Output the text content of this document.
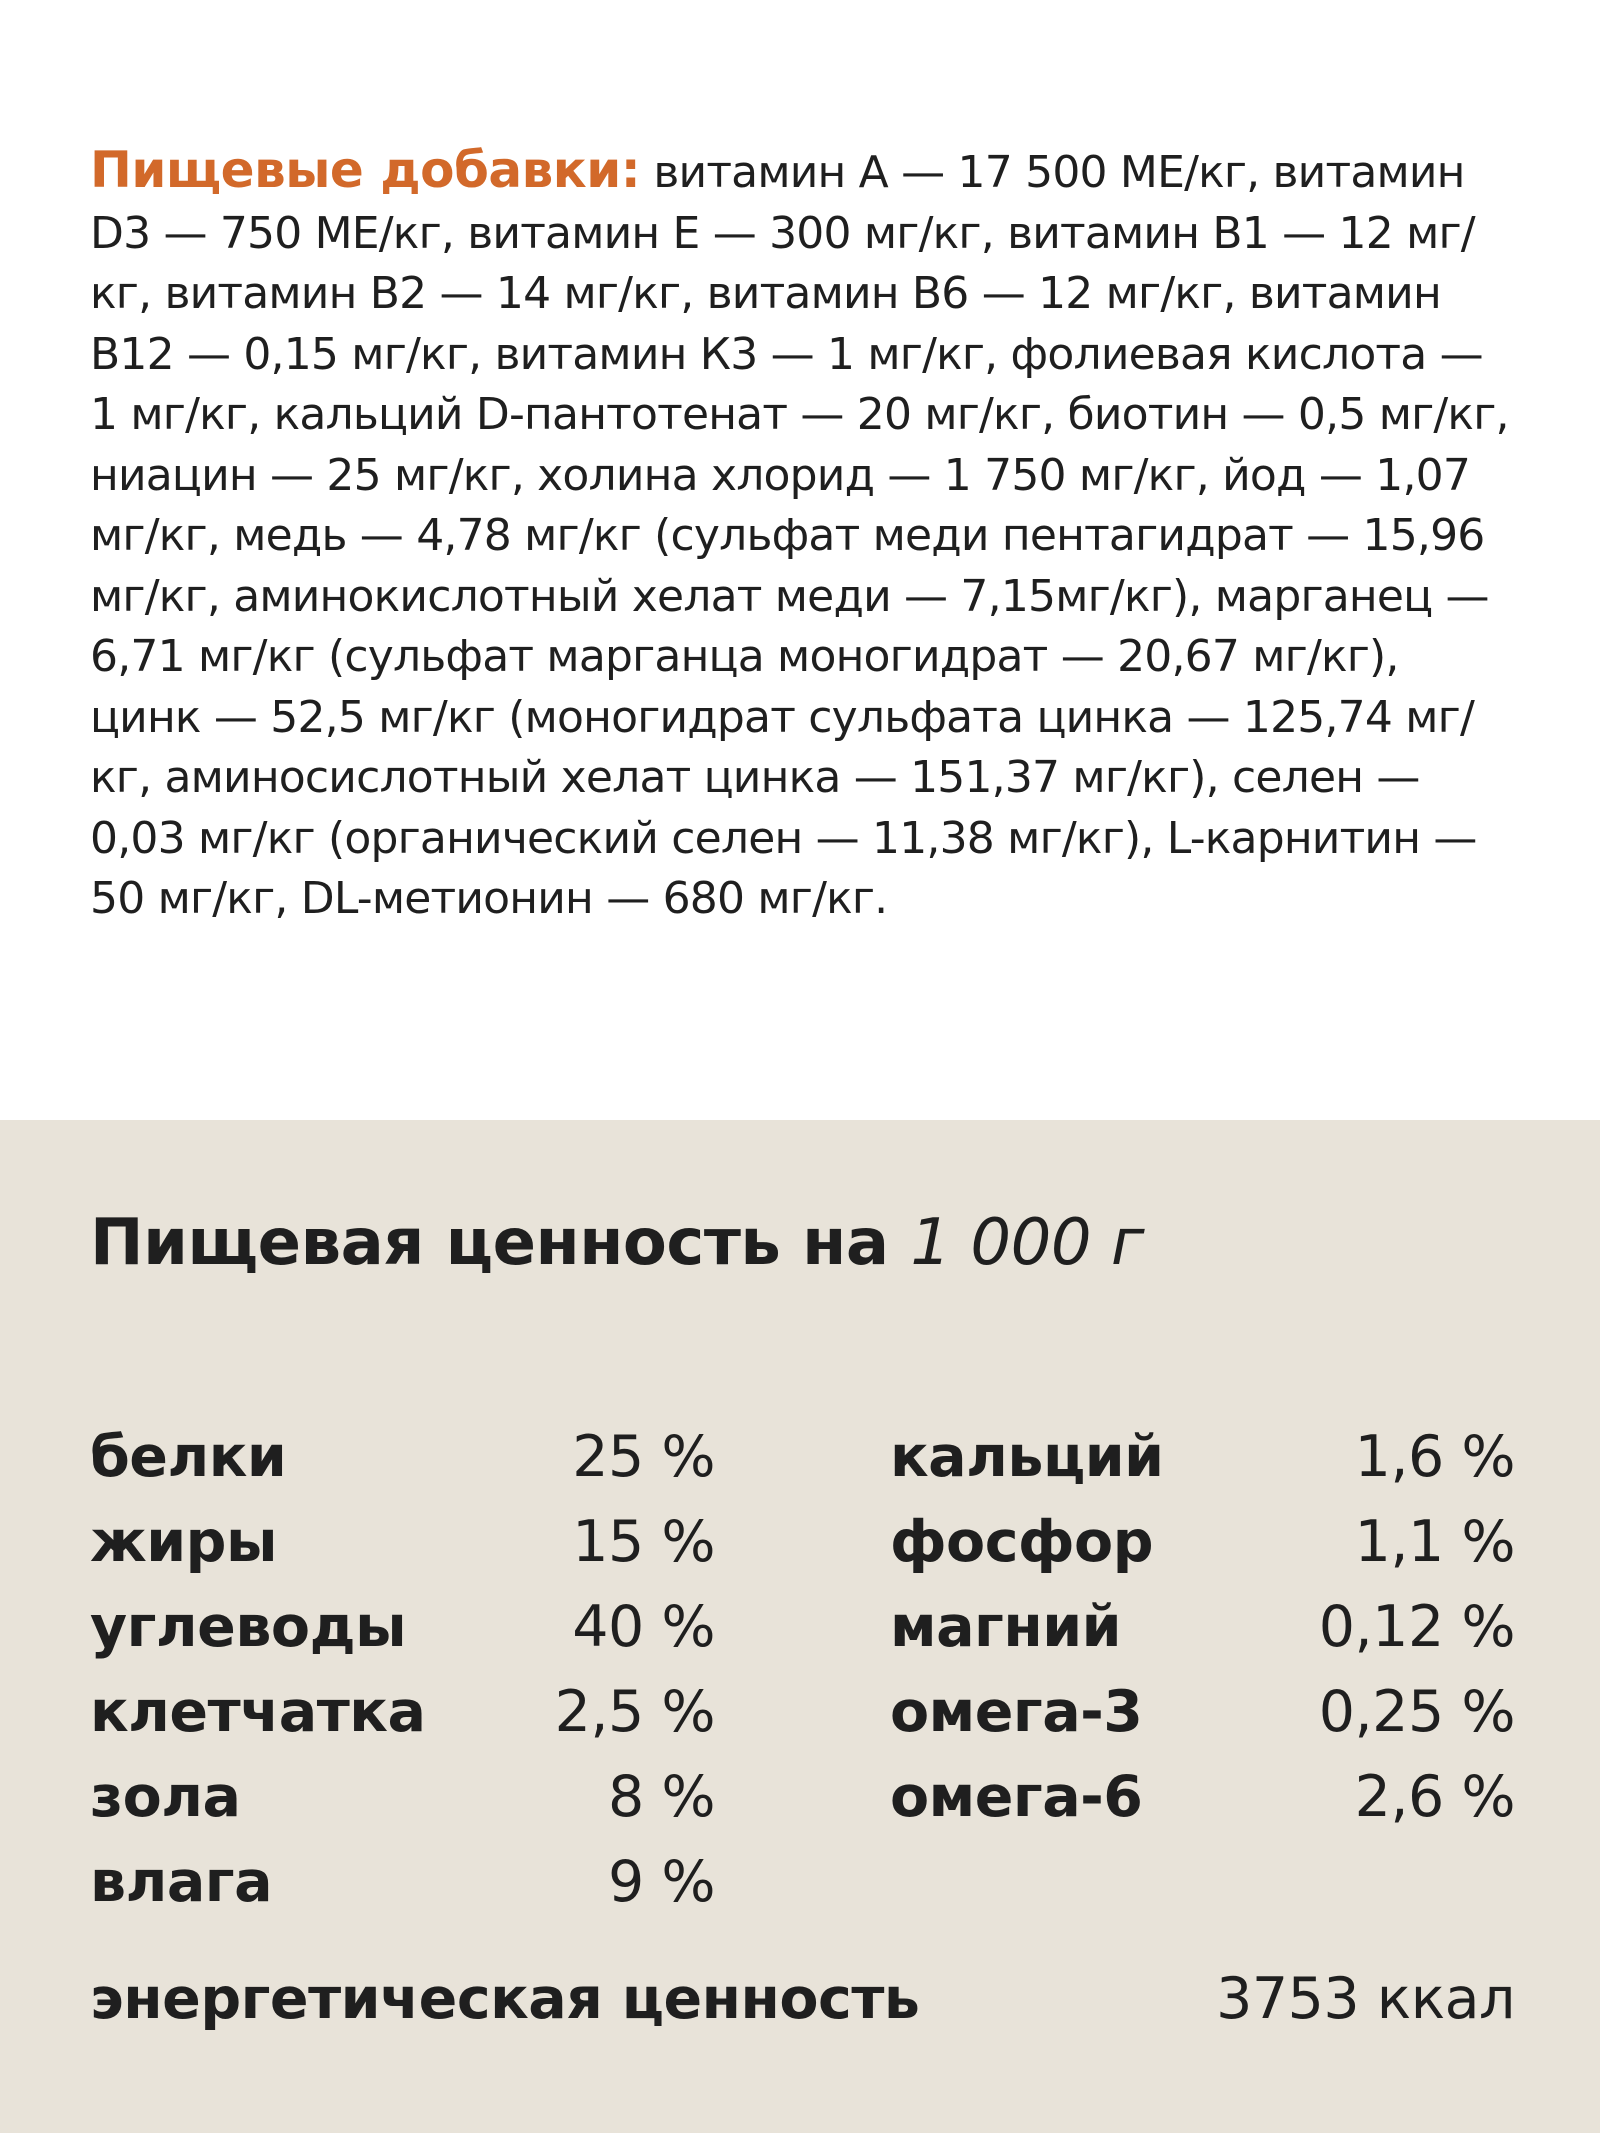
Пищевые добавки: витамин А — 17 500 МЕ/кг, витамин D3 — 750 МЕ/кг, витамин Е — 300 мг/кг, витамин В1 — 12 мг/кг, витамин В2 — 14 мг/кг, витамин В6 — 12 мг/кг, витамин В12 — 0,15 мг/кг, витамин К3 — 1 мг/кг, фолиевая кислота — 1 мг/кг, кальций D-пантотенат — 20 мг/кг, биотин — 0,5 мг/кг, ниацин — 25 мг/кг, холина хлорид — 1 750 мг/кг, йод — 1,07 мг/кг, медь — 4,78 мг/кг (сульфат меди пентагидрат — 15,96 мг/кг, аминокислотный хелат меди — 7,15мг/кг), марганец — 6,71 мг/кг (сульфат марганца моногидрат — 20,67 мг/кг), цинк — 52,5 мг/кг (моногидрат сульфата цинка — 125,74 мг/кг, аминосислотный хелат цинка — 151,37 мг/кг), селен — 0,03 мг/кг (органический селен — 11,38 мг/кг), L-карнитин — 50 мг/кг, DL-метионин — 680 мг/кг.

Пищевая ценность на 1 000 г
белки	25 %
жиры	15 %
углеводы	40 %
клетчатка 2,5 %
зола	8 %
влага	9 %
кальций	1,6 %
фосфор	1,1 %
магний	0,12 %
омега-3	0,25 %
омега-6	2,6 %
энергетическая ценность	3753 ккал
